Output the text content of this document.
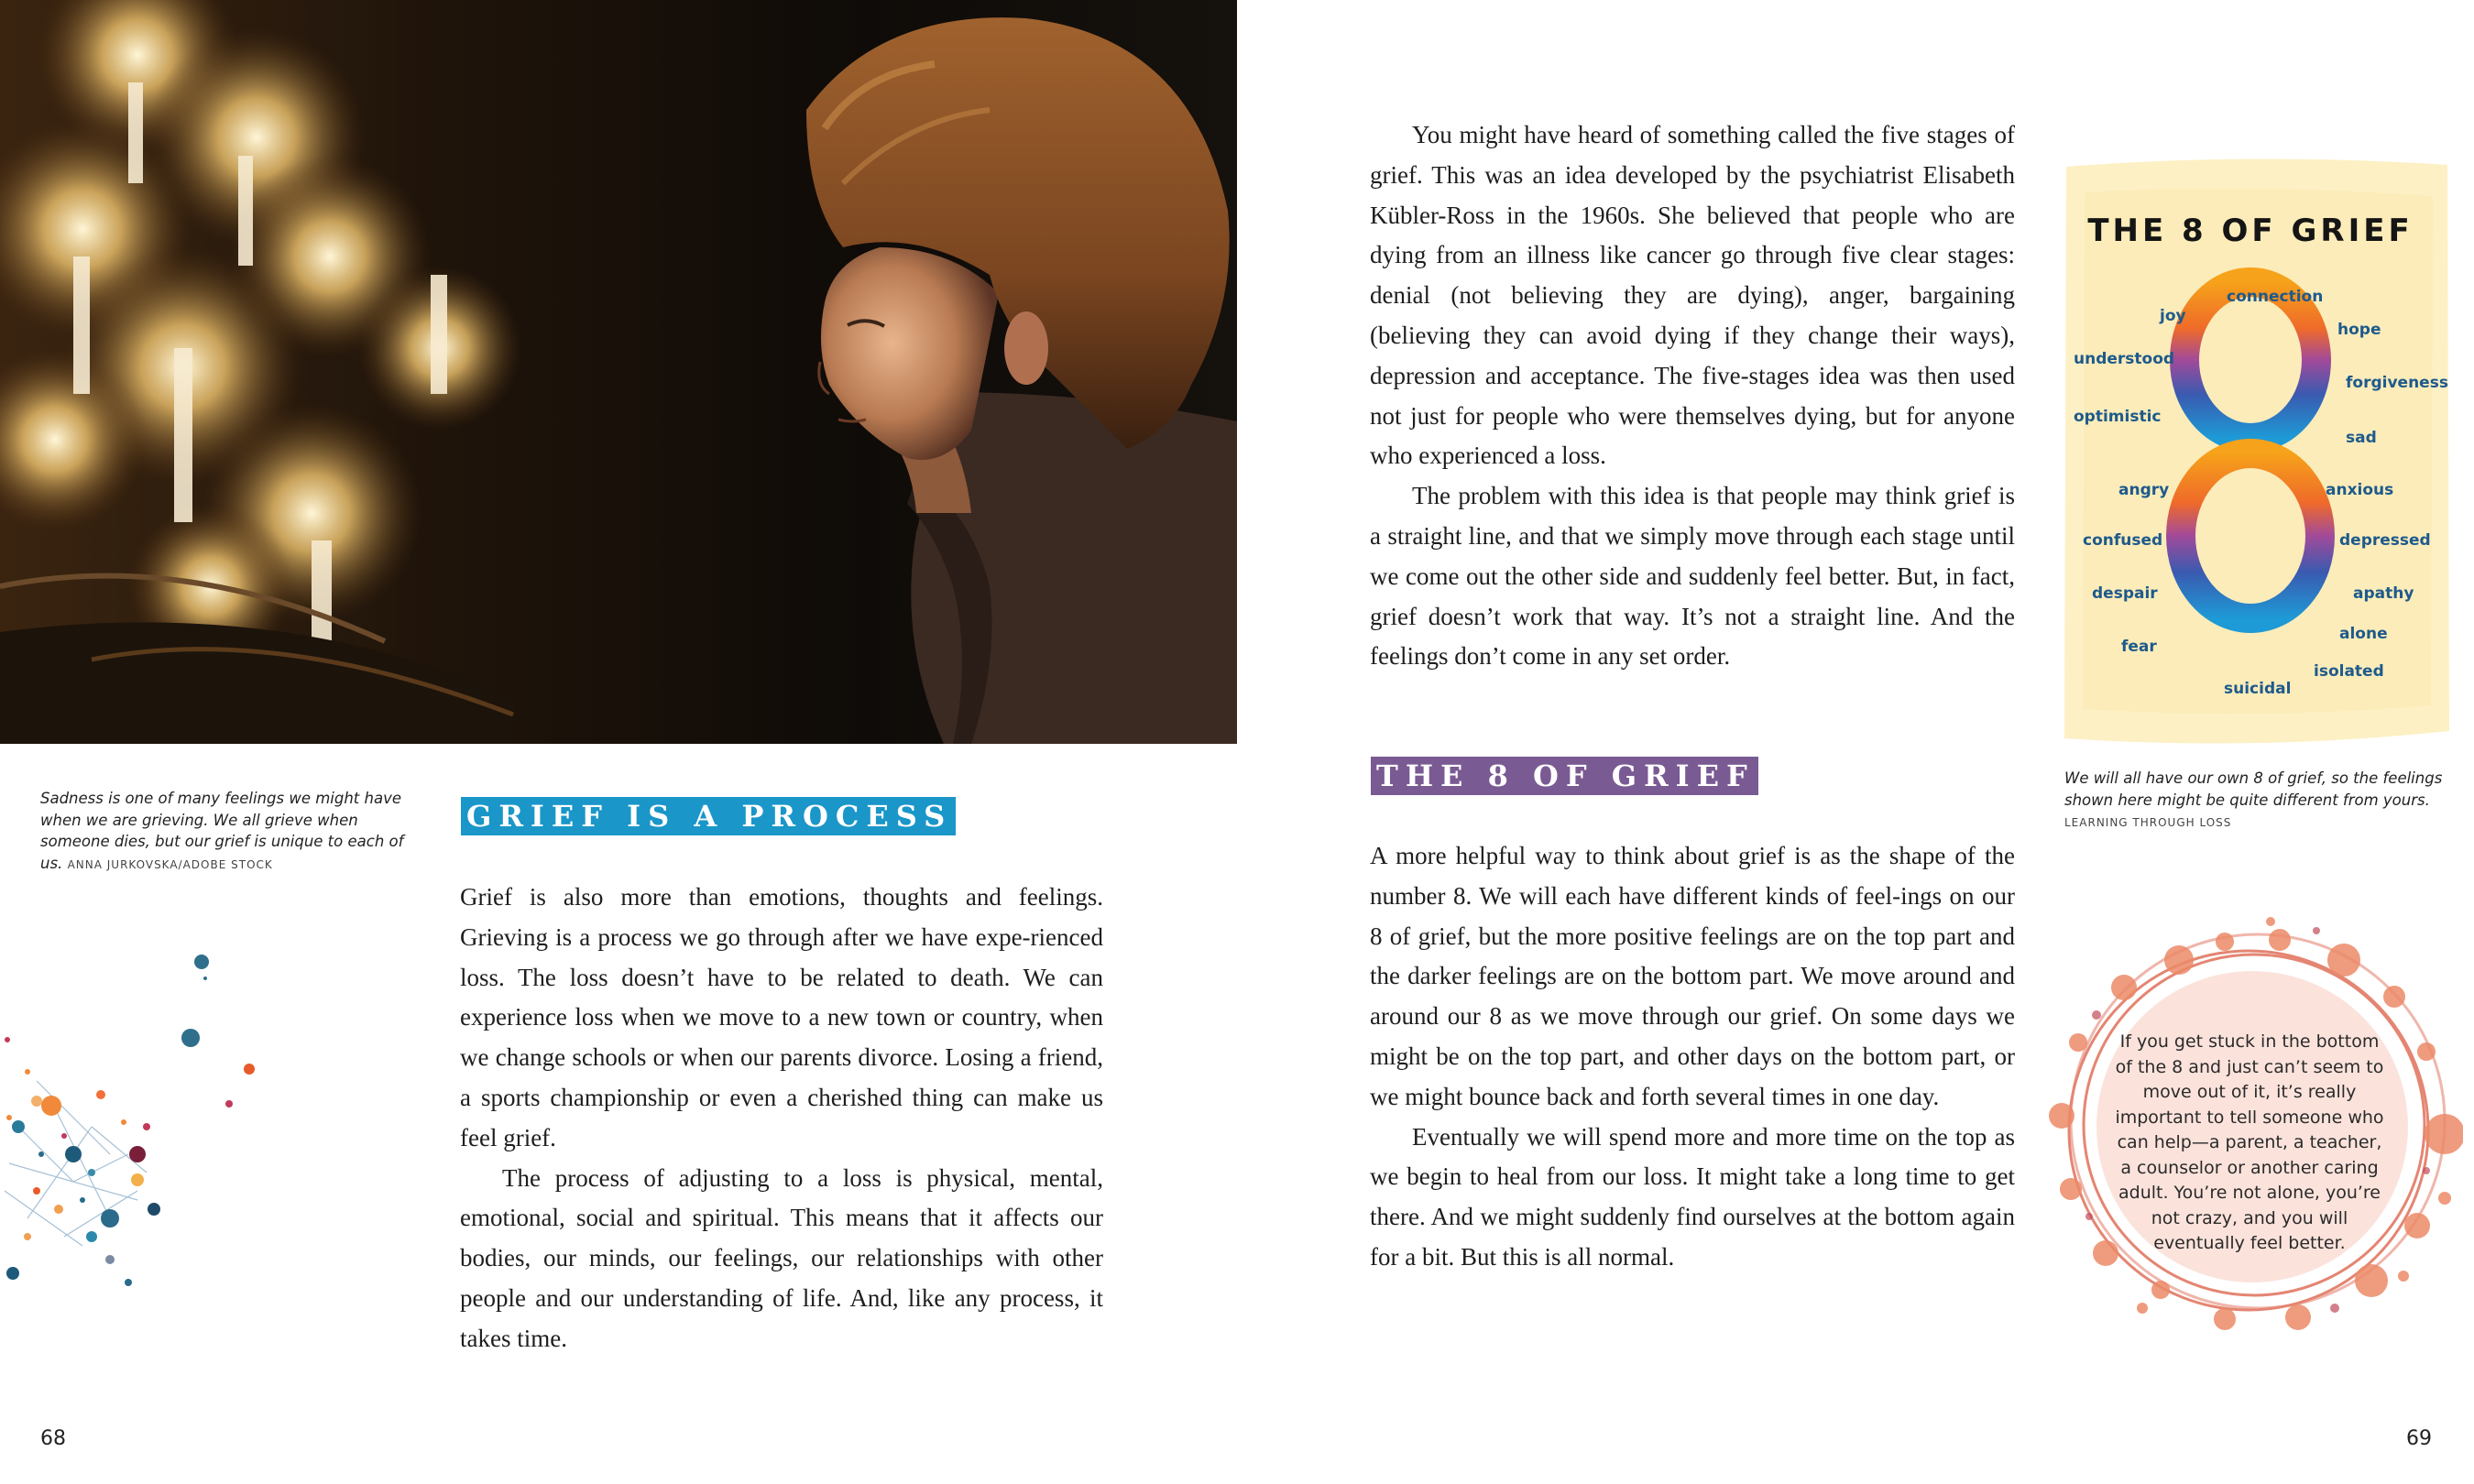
Sadness is one of many feelings we might have when we are grieving. We all grieve when someone dies, but our grief is unique to each of us. ANNA JURKOVSKA/ADOBE STOCK
GRIEF IS A PROCESS

Grief is also more than emotions, thoughts and feelings. Grieving is a process we go through after we have expe-rienced loss. The loss doesn’t have to be related to death. We can experience loss when we move to a new town or country, when we change schools or when our parents divorce. Losing a friend, a sports championship or even a cherished thing can make us feel grief.

The process of adjusting to a loss is physical, mental, emotional, social and spiritual. This means that it affects our bodies, our minds, our feelings, our relationships with other people and our understanding of life. And, like any process, it takes time.

68

You might have heard of something called the five stages of grief. This was an idea developed by the psychiatrist Elisabeth Kübler-Ross in the 1960s. She believed that people who are dying from an illness like cancer go through five clear stages: denial (not believing they are dying), anger, bargaining (believing they can avoid dying if they change their ways), depression and acceptance. The five-stages idea was then used not just for people who were themselves dying, but for anyone who experienced a loss.

The problem with this idea is that people may think grief is a straight line, and that we simply move through each stage until we come out the other side and suddenly feel better. But, in fact, grief doesn’t work that way. It’s not a straight line. And the feelings don’t come in any set order.

THE 8 OF GRIEF

A more helpful way to think about grief is as the shape of the number 8. We will each have different kinds of feel-ings on our 8 of grief, but the more positive feelings are on the top part and the darker feelings are on the bottom part. We move around and around our 8 as we move through our grief. On some days we might be on the top part, and other days on the bottom part, or we might bounce back and forth several times in one day.

Eventually we will spend more and more time on the top as we begin to heal from our loss. It might take a long time to get there. And we might suddenly find ourselves at the bottom again for a bit. But this is all normal.

THE 8 OF GRIEF
connection
joy
hope
understood
forgiveness
optimistic
sad
angry	anxious
confused	depressed
despair	apathy
alone
fear
isolated
suicidal
We will all have our own 8 of grief, so the feelings shown here might be quite different from yours. LEARNING THROUGH LOSS
If you get stuck in the bottom of the 8 and just can’t seem to move out of it, it’s really important to tell someone who can help—a parent, a teacher, a counselor or another caring adult. You’re not alone, you’re not crazy, and you will eventually feel better.
69
